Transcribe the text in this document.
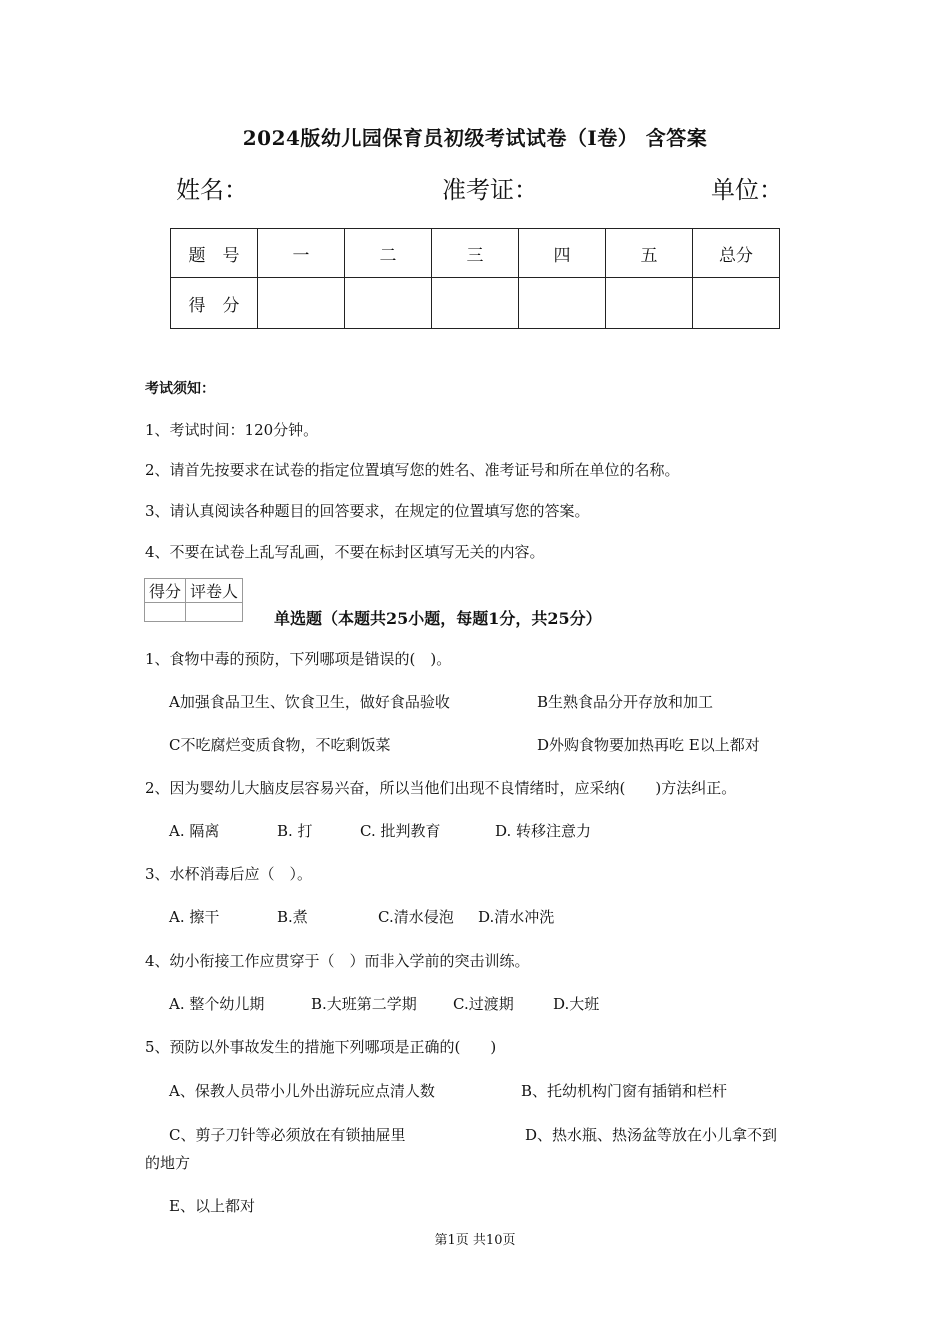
2024版幼儿园保育员初级考试试卷（I卷） 含答案
姓名：	准考证：	单位：
题　号	一	二	三	四	五	总分
得　分						
考试须知：
1、考试时间：120分钟。
2、请首先按要求在试卷的指定位置填写您的姓名、准考证号和所在单位的名称。
3、请认真阅读各种题目的回答要求，在规定的位置填写您的答案。
4、不要在试卷上乱写乱画，不要在标封区填写无关的内容。
得分	评卷人

单选题（本题共25小题，每题1分，共25分）
1、食物中毒的预防，下列哪项是错误的(　)。
A加强食品卫生、饮食卫生，做好食品验收	B生熟食品分开存放和加工
C不吃腐烂变质食物，不吃剩饭菜	D外购食物要加热再吃 E以上都对
2、因为婴幼儿大脑皮层容易兴奋，所以当他们出现不良情绪时，应采纳(　　)方法纠正。
A. 隔离	B. 打	C. 批判教育	D. 转移注意力
3、水杯消毒后应（　）。
A. 擦干	B.煮	C.清水侵泡 D.清水冲洗
4、幼小衔接工作应贯穿于（　）而非入学前的突击训练。
A. 整个幼儿期	B.大班第二学期 C.过渡期	D.大班
5、预防以外事故发生的措施下列哪项是正确的(　　)
A、保教人员带小儿外出游玩应点清人数	B、托幼机构门窗有插销和栏杆
C、剪子刀针等必须放在有锁抽屉里	D、热水瓶、热汤盆等放在小儿拿不到
的地方
E、以上都对
第1页 共10页
